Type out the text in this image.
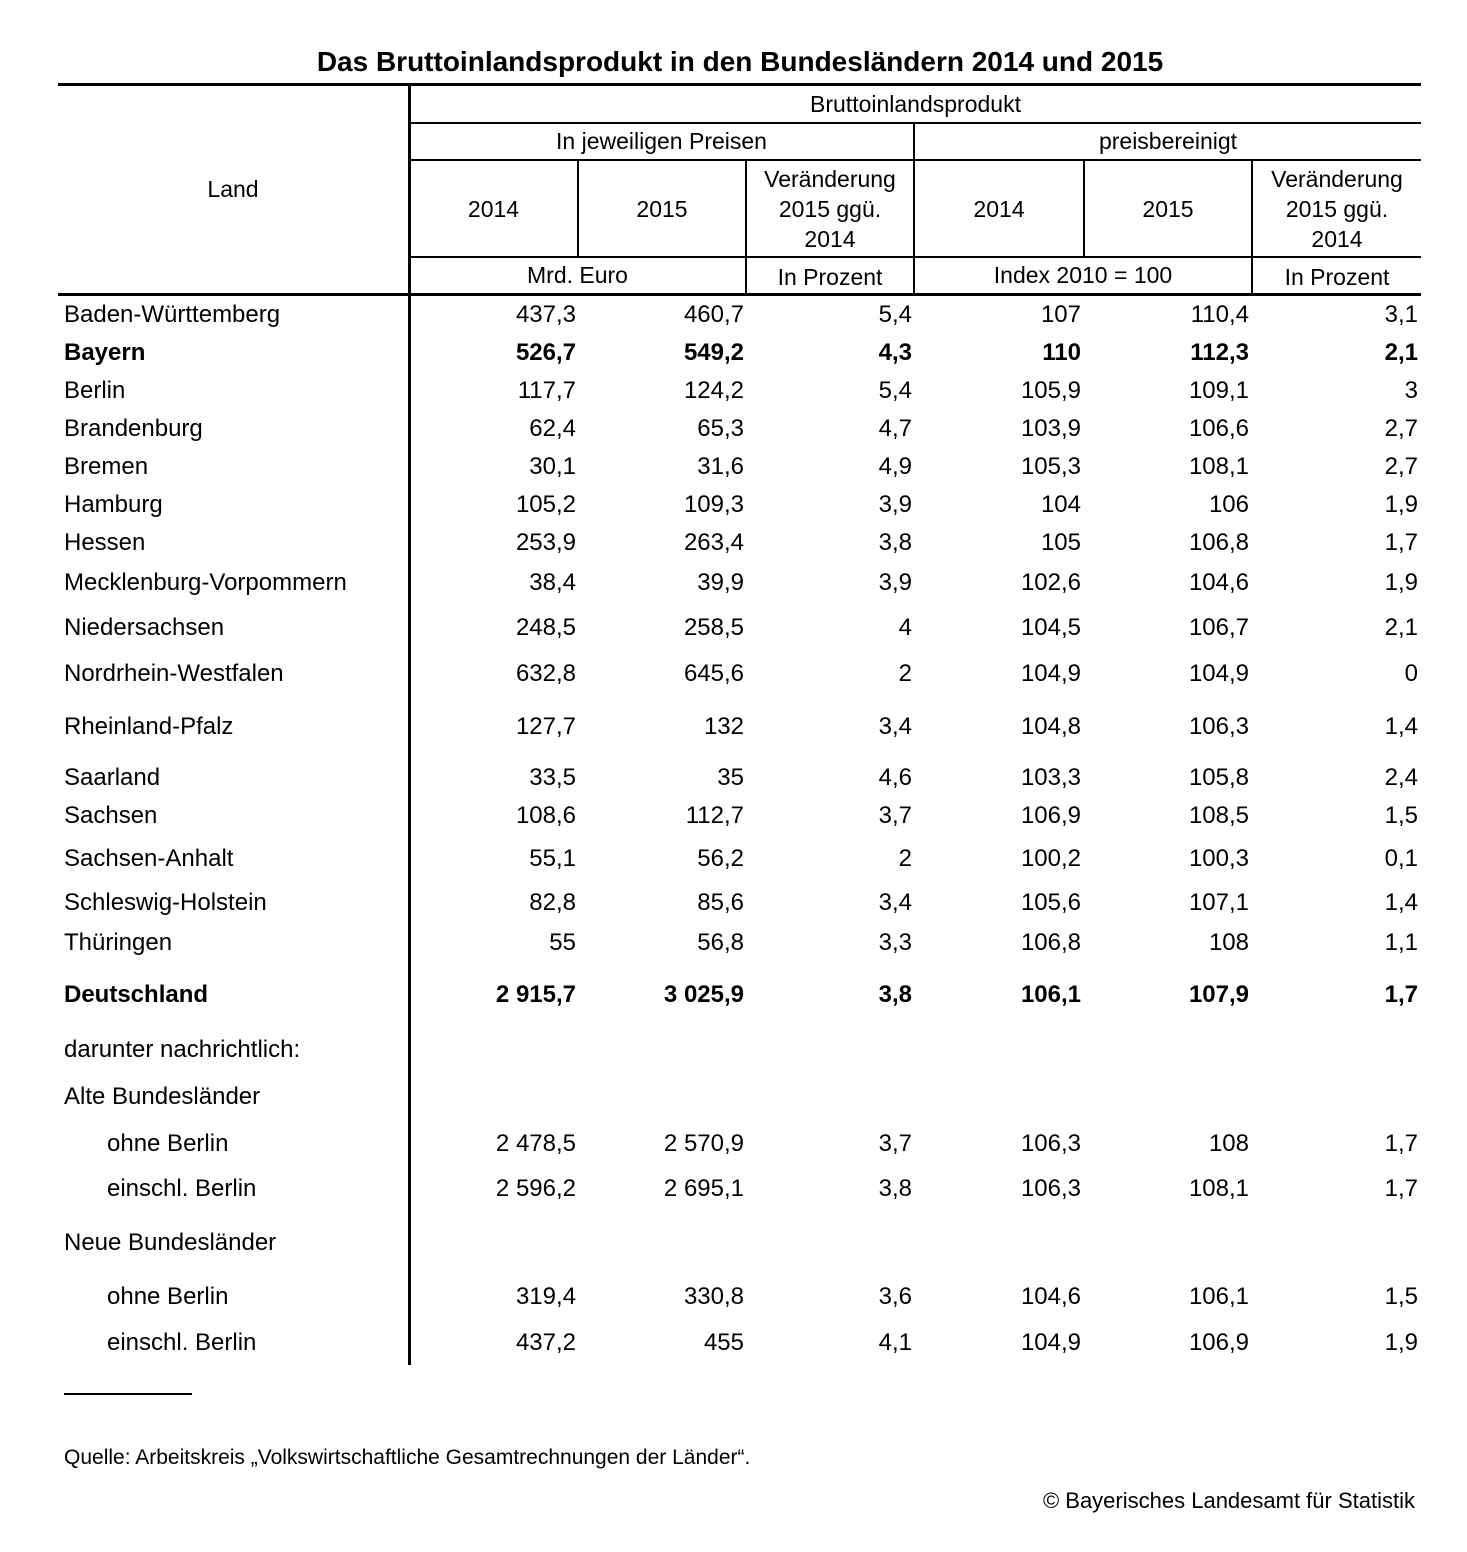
Das Bruttoinlandsprodukt in den Bundesländern 2014 und 2015
Land
Bruttoinlandsprodukt
In jeweiligen Preisen	preisbereinigt
2014	2015
Veränderung
2015 ggü.
2014
2014	2015
Veränderung
2015 ggü.
2014
Mrd. Euro	In Prozent	Index 2010 = 100	In Prozent
Baden-Württemberg	437,3	460,7	5,4	107	110,4	3,1
Bayern	526,7	549,2	4,3	110	112,3	2,1
Berlin	117,7	124,2	5,4	105,9	109,1	3
Brandenburg	62,4	65,3	4,7	103,9	106,6	2,7
Bremen	30,1	31,6	4,9	105,3	108,1	2,7
Hamburg	105,2	109,3	3,9	104	106	1,9
Hessen	253,9	263,4	3,8	105	106,8	1,7
Mecklenburg-Vorpommern	38,4	39,9	3,9	102,6	104,6	1,9
Niedersachsen	248,5	258,5	4	104,5	106,7	2,1
Nordrhein-Westfalen	632,8	645,6	2	104,9	104,9	0
Rheinland-Pfalz	127,7	132	3,4	104,8	106,3	1,4
Saarland	33,5	35	4,6	103,3	105,8	2,4
Sachsen	108,6	112,7	3,7	106,9	108,5	1,5
Sachsen-Anhalt	55,1	56,2	2	100,2	100,3	0,1
Schleswig-Holstein	82,8	85,6	3,4	105,6	107,1	1,4
Thüringen	55	56,8	3,3	106,8	108	1,1
Deutschland	2 915,7	3 025,9	3,8	106,1	107,9	1,7
darunter nachrichtlich:
Alte Bundesländer
ohne Berlin	2 478,5	2 570,9	3,7	106,3	108	1,7
einschl. Berlin	2 596,2	2 695,1	3,8	106,3	108,1	1,7
Neue Bundesländer
ohne Berlin	319,4	330,8	3,6	104,6	106,1	1,5
einschl. Berlin	437,2	455	4,1	104,9	106,9	1,9
Quelle: Arbeitskreis „Volkswirtschaftliche Gesamtrechnungen der Länder“.
© Bayerisches Landesamt für Statistik
